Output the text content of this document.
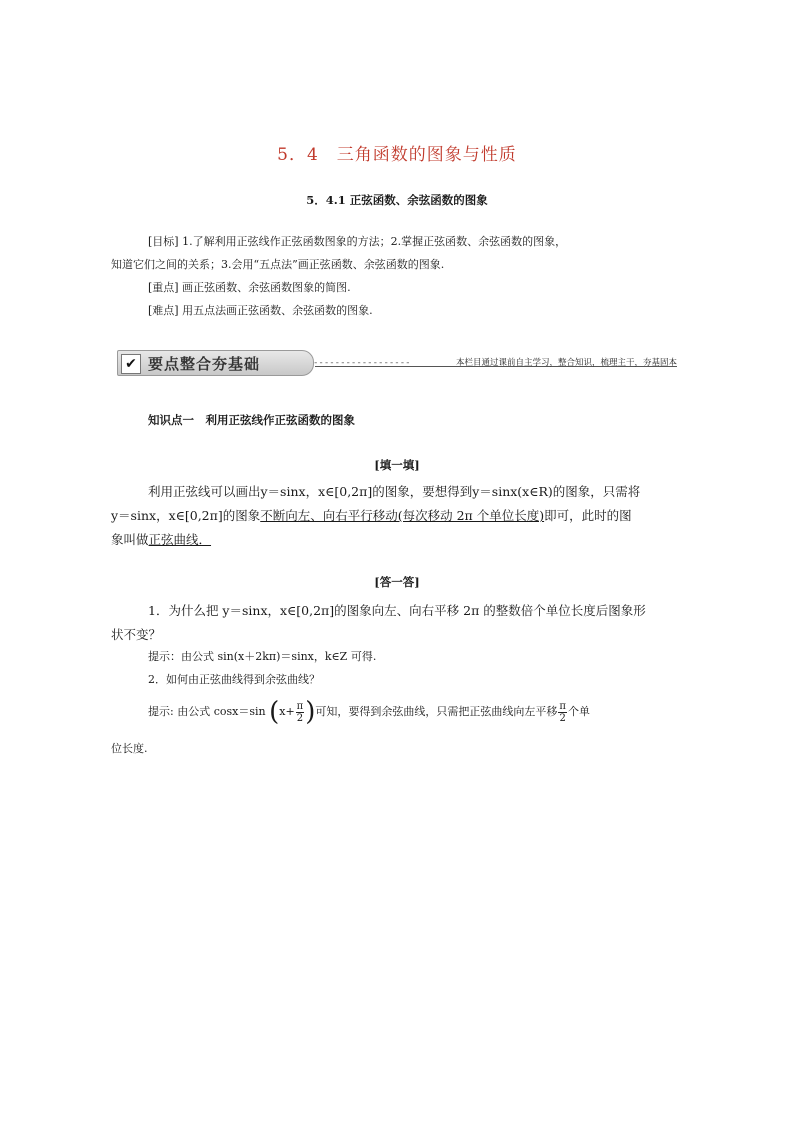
5．4　三角函数的图象与性质
5．4.1 正弦函数、余弦函数的图象
[目标] 1.了解利用正弦线作正弦函数图象的方法；2.掌握正弦函数、余弦函数的图象，
知道它们之间的关系；3.会用“五点法”画正弦函数、余弦函数的图象.
[重点] 画正弦函数、余弦函数图象的简图.
[难点] 用五点法画正弦函数、余弦函数的图象.
✔ 要点整合夯基础	------------------	本栏目通过课前自主学习，整合知识，梳理主干，夯基固本
知识点一　利用正弦线作正弦函数的图象
[填一填]
利用正弦线可以画出y＝sinx，x∈[0,2π]的图象，要想得到y＝sinx(x∈R)的图象，只需将
y＝sinx，x∈[0,2π]的图象不断向左、向右平行移动(每次移动 2π 个单位长度)即可，此时的图
象叫做正弦曲线．
[答一答]
1．为什么把 y＝sinx，x∈[0,2π]的图象向左、向右平移 2π 的整数倍个单位长度后图象形
状不变？
提示：由公式 sin(x＋2kπ)＝sinx，k∈Z 可得.
2．如何由正弦曲线得到余弦曲线？
提示: 由公式 cosx＝sin ($x+ \frac{\pi}{2}$ )可知，要得到余弦曲线，只需把正弦曲线向左平移 $\frac{\pi}{2}$ 个单
位长度.
